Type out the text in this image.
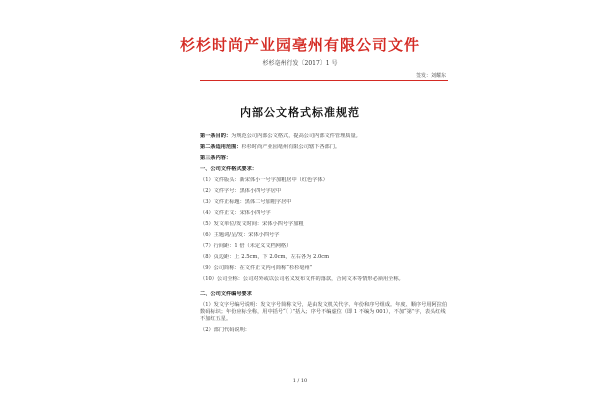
杉杉时尚产业园亳州有限公司文件
杉杉亳州行发〔2017〕1 号
签发：刘耀东
内部公文格式标准规范

第一条目的：为规范公司内部公文格式，提高公司内部文件管理质量。

第二条适用范围：杉杉时尚产业园亳州有限公司辖下各部门。

第三条内容：

一、公司文件格式要求：

（1）文件版头：新宋体小一号字加粗居中（红色字体）

（2）文件字号：黑体小四号字居中

（3）文件正标题：黑体二号加粗字居中

（4）文件正文：宋体小四号字

（5）发文单位/发文时间：宋体小四号字加粗

（6）主题词/呈/发：宋体小四号字

（7）行间距：1 倍（未定义文档网格）

（8）页边距：上 2.5cm，下 2.0cm，左右各为 2.0cm

（9）公司简称：在文件正文内可简称“杉杉亳州”

（10）公司全称：公司对外或以公司名义发布文件的落款，合同文本等情形必须用全称。

二、公司文件编号要求

（1）发文字号编号说明：发文字号简称文号，是由发文机关代字、年份和序号组成。年度、顺序号用阿拉伯数码标识；年份应标全称，用中括号“〔 〕”括入；序号不编虚位（即 1 不编为 001），不加“第”字，表头红线不加红五星。

（2）部门代码说明：

1 / 10
